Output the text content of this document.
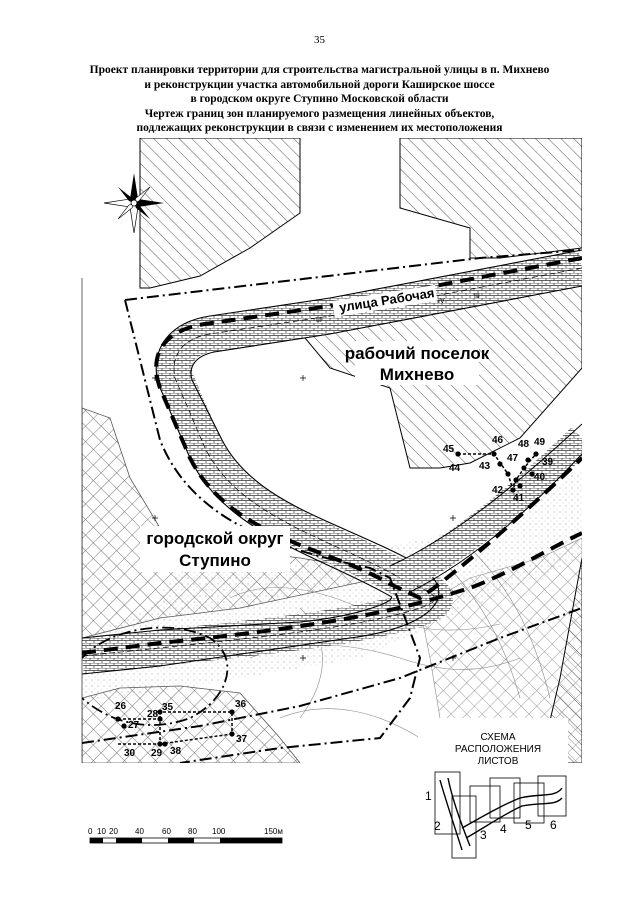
35
Проект планировки территории для строительства магистральной улицы в п. Михнево
и реконструкции участка автомобильной дороги Каширское шоссе
в городском округе Ступино Московской области
Чертеж границ зон планируемого размещения линейных объектов,
подлежащих реконструкции в связи с изменением их местоположения
улица Рабочая
III
IV
III
рабочий поселок
Михнево
городской округ
Ступино
45
44
46
43
47
48 49
39
40
42
41
26
27
28
35	36
37
30 29 38
СХЕМА
РАСПОЛОЖЕНИЯ
ЛИСТОВ
1
2
3 4 5 6
0 10 20 40 60 80 100	150м
